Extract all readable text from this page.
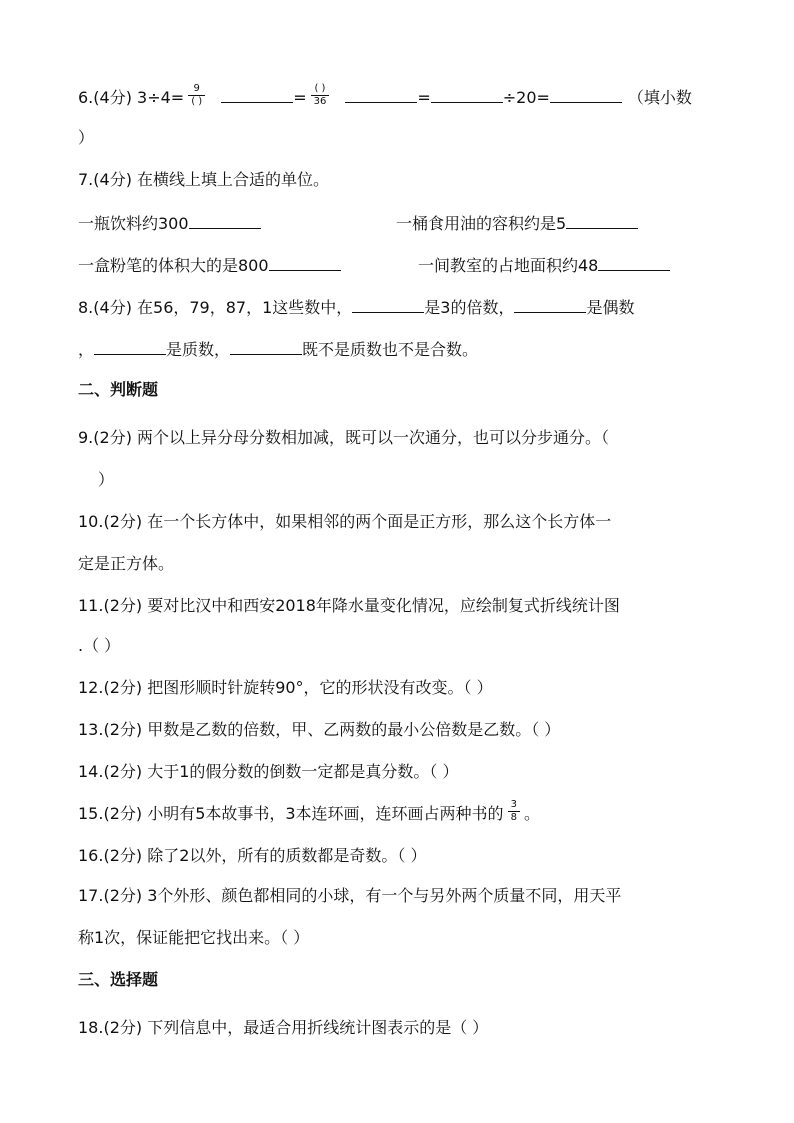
6.(4分) $3\div 4= \frac{9}{( )}$	= $\frac{( )}{36}$	=	÷20=	（填小数
）
7.(4分) 在横线上填上合适的单位。
一瓶饮料约300	一桶食用油的容积约是5
一盒粉笔的体积大的是800	一间教室的占地面积约48
8.(4分) 在56，79，87，1这些数中，	是3的倍数，	是偶数
，	是质数，	既不是质数也不是合数。
二、判断题
9.(2分) 两个以上异分母分数相加减，既可以一次通分，也可以分步通分。（
）
10.(2分) 在一个长方体中，如果相邻的两个面是正方形，那么这个长方体一
定是正方体。
11.(2分) 要对比汉中和西安2018年降水量变化情况，应绘制复式折线统计图
.（ ）
12.(2分) 把图形顺时针旋转90°，它的形状没有改变。（ ）
13.(2分) 甲数是乙数的倍数，甲、乙两数的最小公倍数是乙数。（ ）
14.(2分) 大于1的假分数的倒数一定都是真分数。（ ）
15.(2分) 小明有5本故事书，3本连环画，连环画占两种书的 $\frac{3}{8}$ 。
16.(2分) 除了2以外，所有的质数都是奇数。（ ）
17.(2分) 3个外形、颜色都相同的小球，有一个与另外两个质量不同，用天平
称1次，保证能把它找出来。（ ）
三、选择题
18.(2分) 下列信息中，最适合用折线统计图表示的是（ ）
